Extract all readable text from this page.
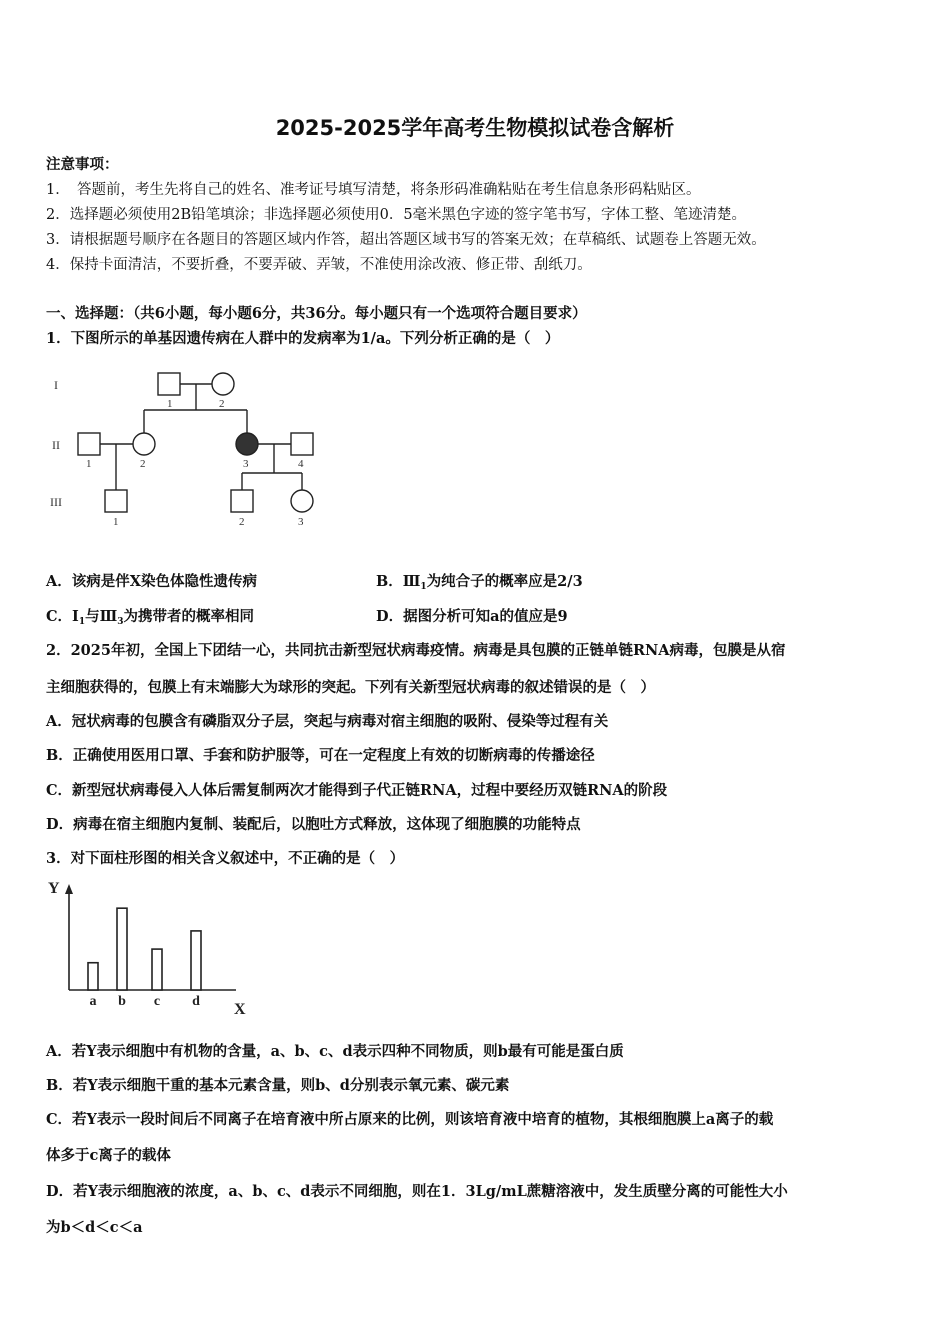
2025-2025学年高考生物模拟试卷含解析
注意事项：
1．　答题前，考生先将自己的姓名、准考证号填写清楚，将条形码准确粘贴在考生信息条形码粘贴区。
2．选择题必须使用2B铅笔填涂；非选择题必须使用0．5毫米黑色字迹的签字笔书写，字体工整、笔迹清楚。
3．请根据题号顺序在各题目的答题区域内作答，超出答题区域书写的答案无效；在草稿纸、试题卷上答题无效。
4．保持卡面清洁，不要折叠，不要弄破、弄皱，不准使用涂改液、修正带、刮纸刀。
一、选择题：（共6小题，每小题6分，共36分。每小题只有一个选项符合题目要求）
1．下图所示的单基因遗传病在人群中的发病率为1/a。下列分析正确的是（　）
I
II
III
1	2
1	2	3	4
1	2	3
A．该病是伴X染色体隐性遗传病	B．$Ⅲ_1$为纯合子的概率应是2/3
C．$Ⅰ_1$与$Ⅲ_3$为携带者的概率相同	D．据图分析可知a的值应是9
2．2025年初，全国上下团结一心，共同抗击新型冠状病毒疫情。病毒是具包膜的正链单链RNA病毒，包膜是从宿
主细胞获得的，包膜上有末端膨大为球形的突起。下列有关新型冠状病毒的叙述错误的是（　）
A．冠状病毒的包膜含有磷脂双分子层，突起与病毒对宿主细胞的吸附、侵染等过程有关
B．正确使用医用口罩、手套和防护服等，可在一定程度上有效的切断病毒的传播途径
C．新型冠状病毒侵入人体后需复制两次才能得到子代正链RNA，过程中要经历双链RNA的阶段
D．病毒在宿主细胞内复制、装配后，以胞吐方式释放，这体现了细胞膜的功能特点
3．对下面柱形图的相关含义叙述中，不正确的是（　）
Y
X
a b c d
A．若Y表示细胞中有机物的含量，a、b、c、d表示四种不同物质，则b最有可能是蛋白质
B．若Y表示细胞干重的基本元素含量，则b、d分别表示氧元素、碳元素
C．若Y表示一段时间后不同离子在培育液中所占原来的比例，则该培育液中培育的植物，其根细胞膜上a离子的载
体多于c离子的载体
D．若Y表示细胞液的浓度，a、b、c、d表示不同细胞，则在1．3Lg/mL蔗糖溶液中，发生质壁分离的可能性大小
为b＜d＜c＜a
